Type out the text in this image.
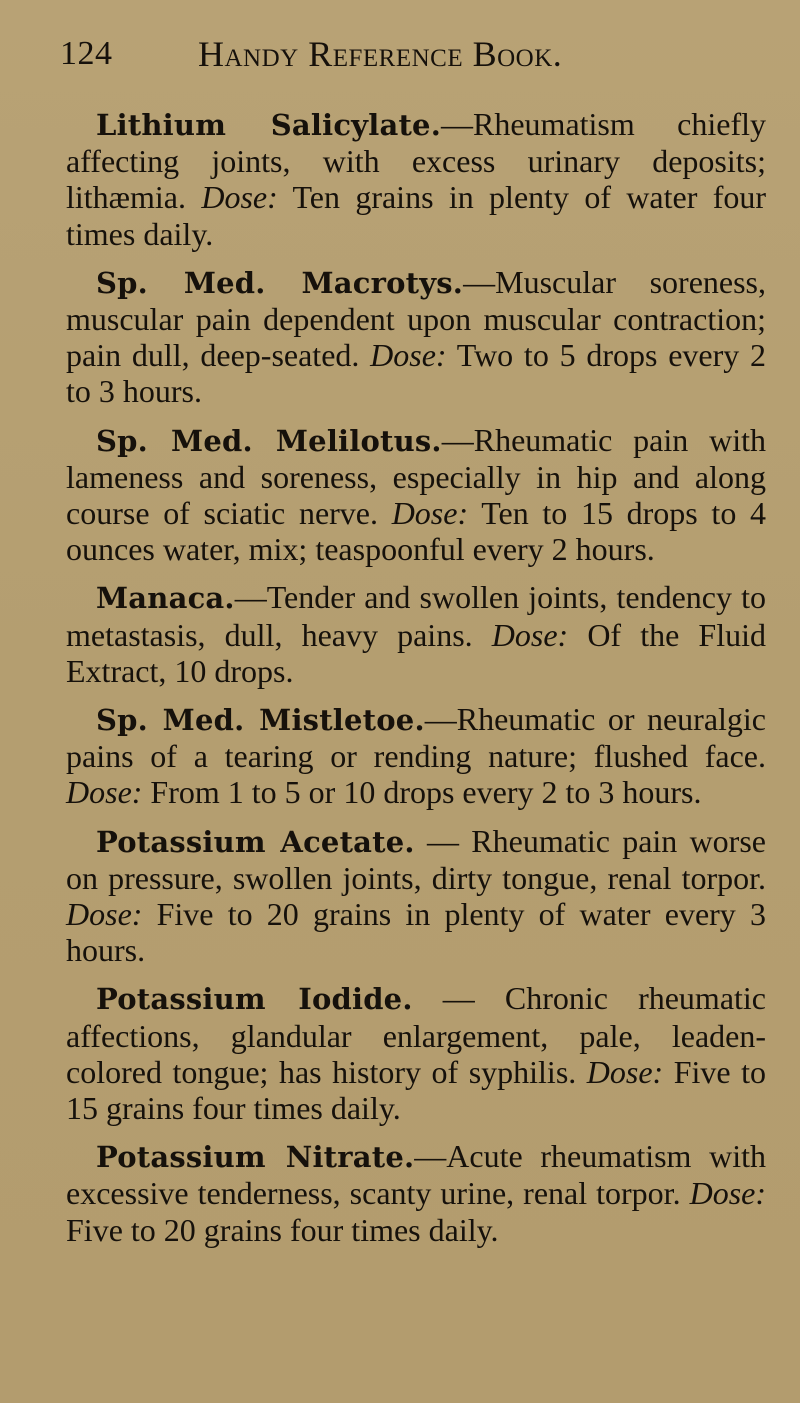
124 Handy Reference Book.

Lithium Salicylate.—Rheumatism chiefly affecting joints, with excess urinary deposits; lithæmia. Dose: Ten grains in plenty of water four times daily.

Sp. Med. Macrotys.—Muscular soreness, muscular pain dependent upon muscular contraction; pain dull, deep-seated. Dose: Two to 5 drops every 2 to 3 hours.

Sp. Med. Melilotus.—Rheumatic pain with lameness and soreness, especially in hip and along course of sciatic nerve. Dose: Ten to 15 drops to 4 ounces water, mix; teaspoonful every 2 hours.

Manaca.—Tender and swollen joints, tendency to metastasis, dull, heavy pains. Dose: Of the Fluid Extract, 10 drops.

Sp. Med. Mistletoe.—Rheumatic or neuralgic pains of a tearing or rending nature; flushed face. Dose: From 1 to 5 or 10 drops every 2 to 3 hours.

Potassium Acetate. — Rheumatic pain worse on pressure, swollen joints, dirty tongue, renal torpor. Dose: Five to 20 grains in plenty of water every 3 hours.

Potassium Iodide. — Chronic rheumatic affections, glandular enlargement, pale, leaden-colored tongue; has history of syphilis. Dose: Five to 15 grains four times daily.

Potassium Nitrate.—Acute rheumatism with excessive tenderness, scanty urine, renal torpor. Dose: Five to 20 grains four times daily.
